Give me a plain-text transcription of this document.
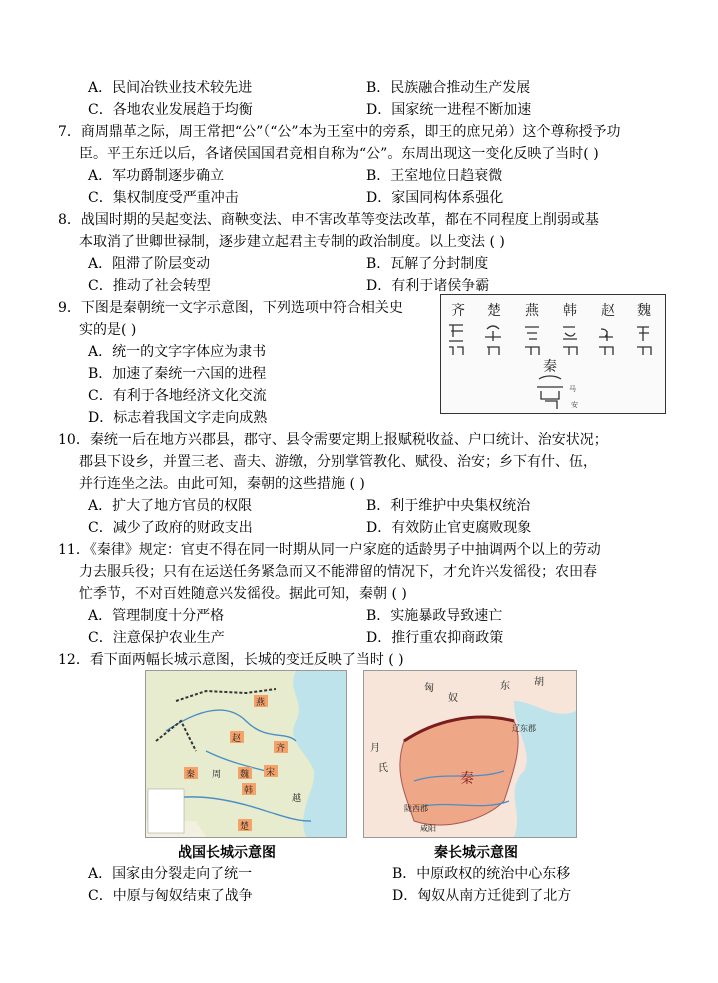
A．民间冶铁业技术较先进	B．民族融合推动生产发展
C．各地农业发展趋于均衡	D．国家统一进程不断加速
7．商周鼎革之际，周王常把“公”（“公”本为王室中的旁系，即王的庶兄弟）这个尊称授予功
臣。平王东迁以后，各诸侯国国君竞相自称为“公”。东周出现这一变化反映了当时( )
A．军功爵制逐步确立	B．王室地位日趋衰微
C．集权制度受严重冲击	D．家国同构体系强化
8．战国时期的吴起变法、商鞅变法、申不害改革等变法改革，都在不同程度上削弱或基
本取消了世卿世禄制，逐步建立起君主专制的政治制度。以上变法 ( )
A．阻滞了阶层变动	B．瓦解了分封制度
C．推动了社会转型	D．有利于诸侯争霸
9．下图是秦朝统一文字示意图，下列选项中符合相关史
实的是( )
A．统一的文字字体应为隶书
B．加速了秦统一六国的进程
C．有利于各地经济文化交流
D．标志着我国文字走向成熟
齐 楚 燕 韩 赵 魏
秦
马
安
10．秦统一后在地方兴郡县，郡守、县令需要定期上报赋税收益、户口统计、治安状况；
郡县下设乡，并置三老、啬夫、游缴，分别掌管教化、赋役、治安；乡下有什、伍，
并行连坐之法。由此可知，秦朝的这些措施 ( )
A．扩大了地方官员的权限	B．利于维护中央集权统治
C．减少了政府的财政支出	D．有效防止官吏腐败现象
11．《秦律》规定：官吏不得在同一时期从同一户家庭的适龄男子中抽调两个以上的劳动
力去服兵役；只有在运送任务紧急而又不能滞留的情况下，才允许兴发徭役；农田春
忙季节，不对百姓随意兴发徭役。据此可知，秦朝 ( )
A．管理制度十分严格	B．实施暴政导致速亡
C．注意保护农业生产	D．推行重农抑商政策
12．看下面两幅长城示意图，长城的变迁反映了当时 ( )
燕
赵
齐
秦 周 魏 宋
韩
越
楚
战国长城示意图
匈
奴
东 胡
月
氏
秦
咸阳
辽东郡
陇西郡
秦长城示意图
A．国家由分裂走向了统一	B．中原政权的统治中心东移
C．中原与匈奴结束了战争	D．匈奴从南方迁徙到了北方
